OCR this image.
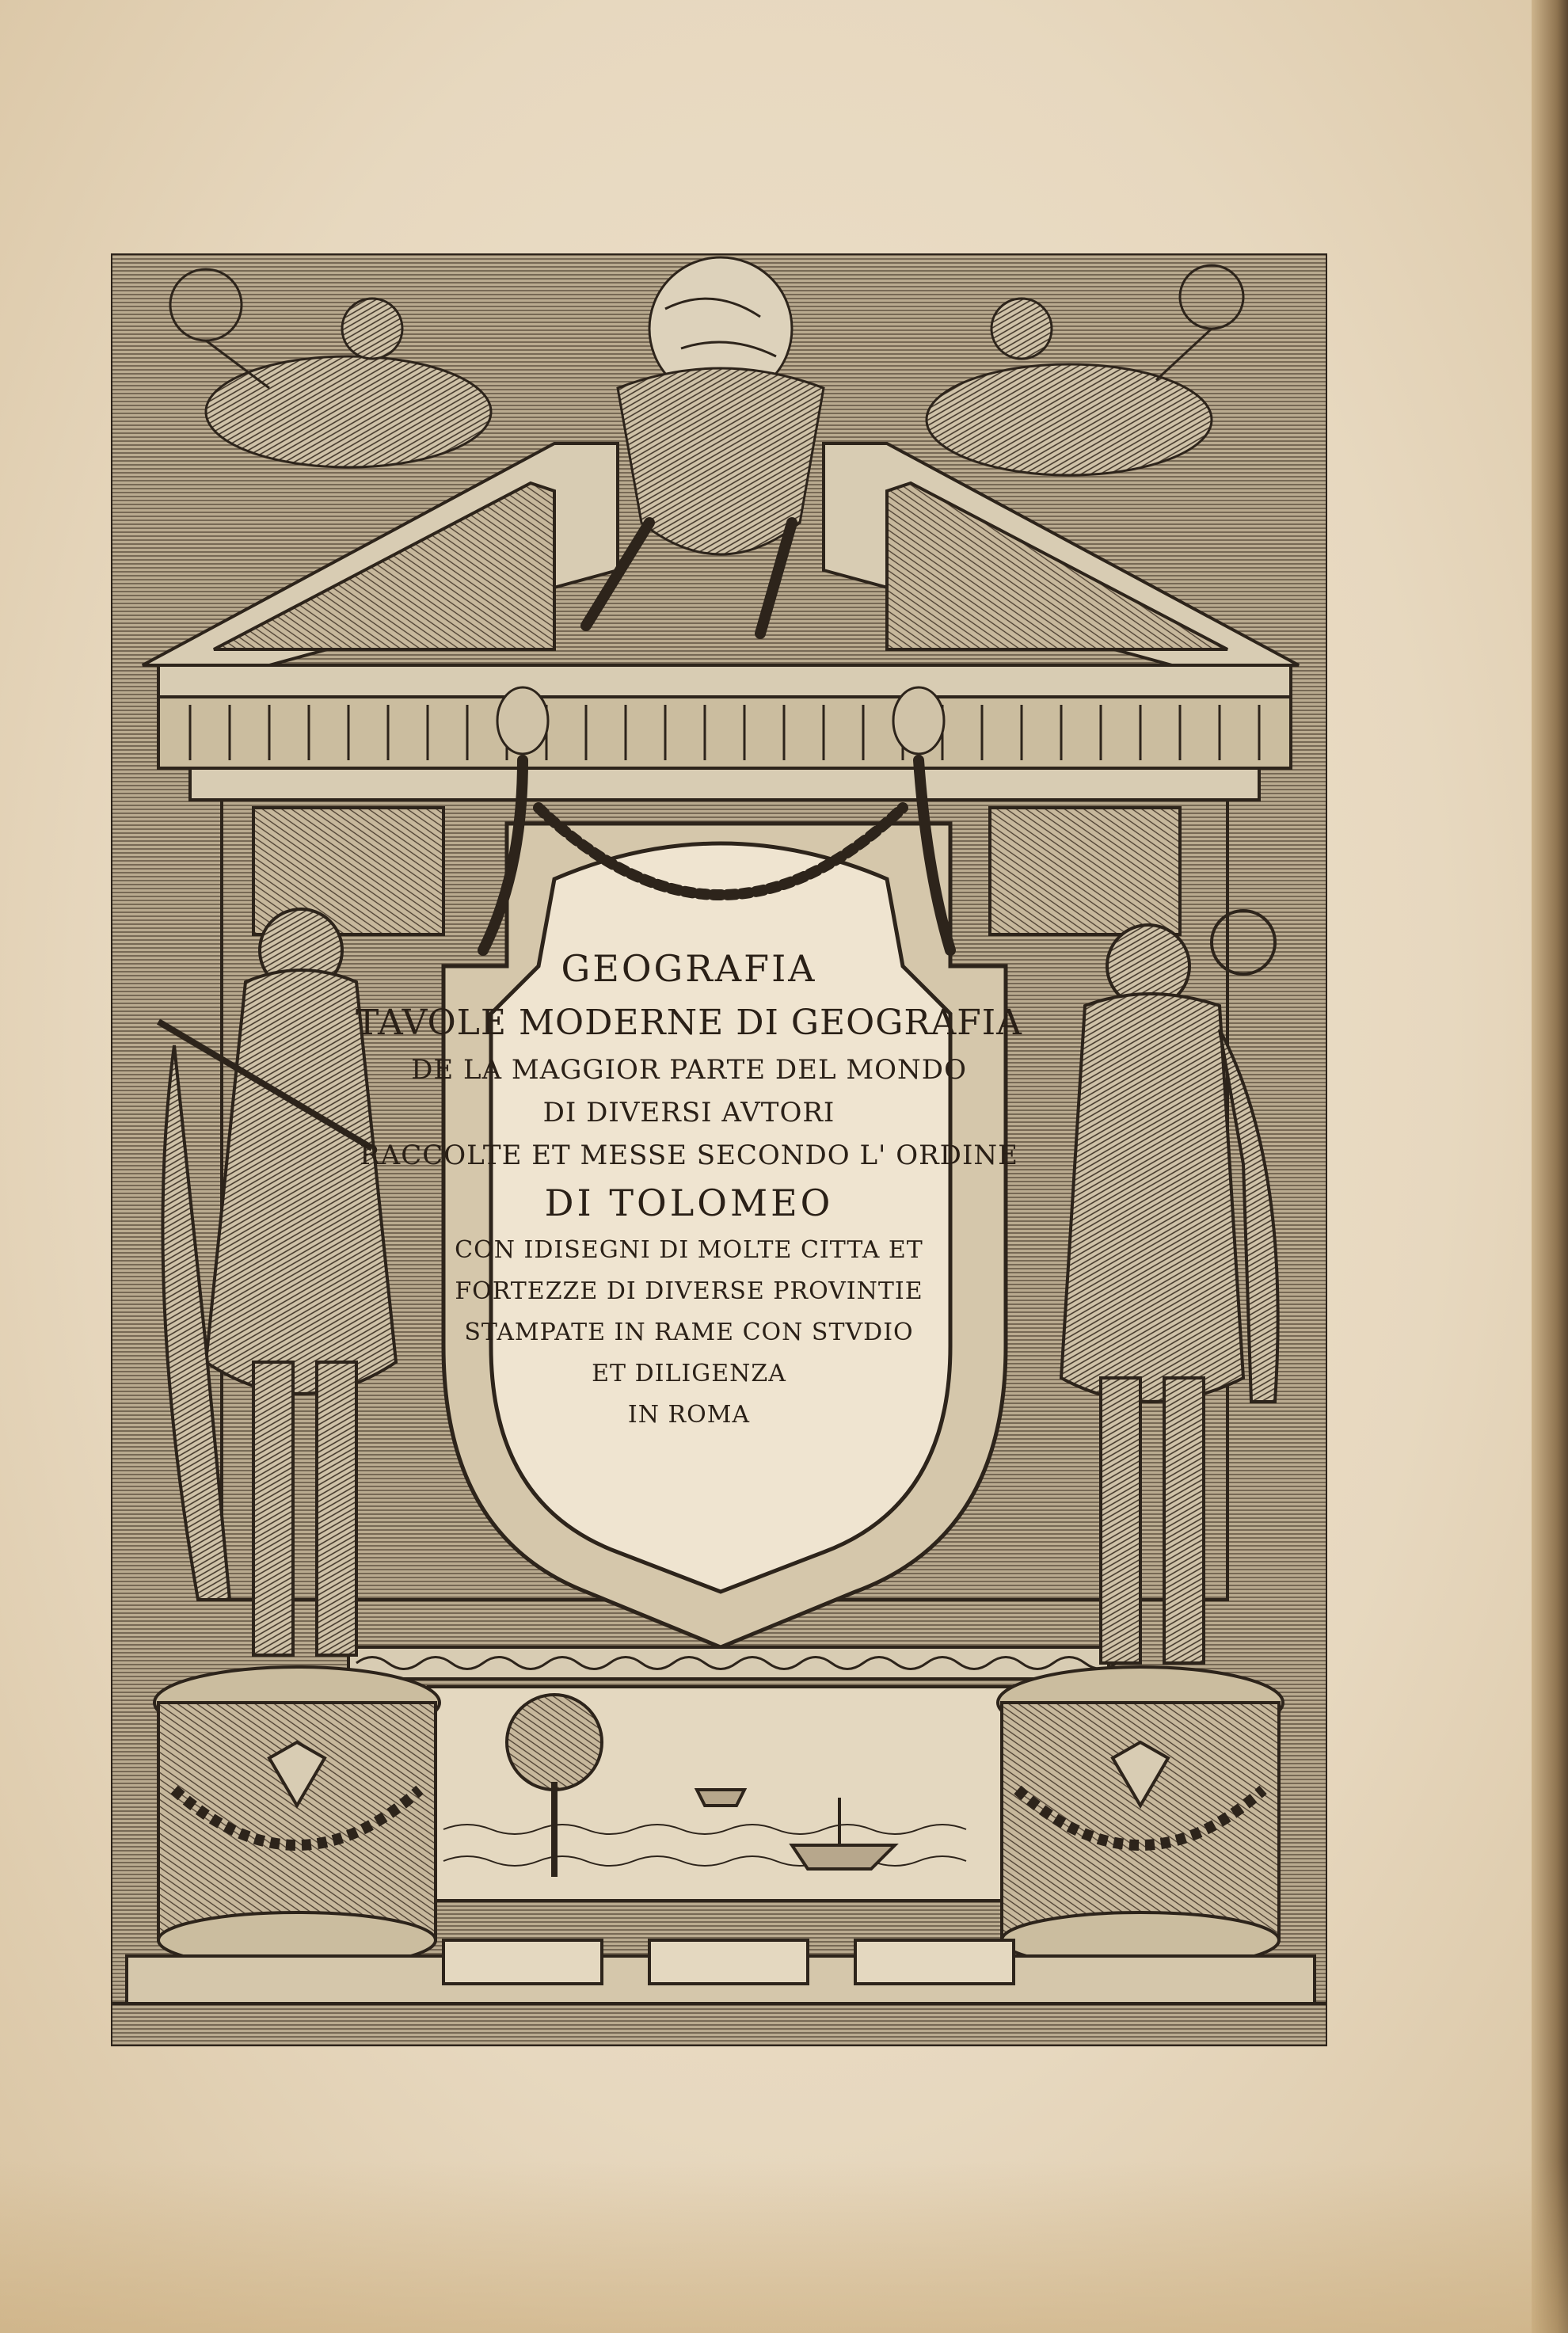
GEOGRAFIA
TAVOLE MODERNE DI GEOGRAFIA
DE LA MAGGIOR PARTE DEL MONDO
DI DIVERSI AVTORI
RACCOLTE ET MESSE SECONDO L' ORDINE
DI TOLOMEO
CON IDISEGNI DI MOLTE CITTA ET
FORTEZZE DI DIVERSE PROVINTIE
STAMPATE IN RAME CON STVDIO
ET DILIGENZA
IN ROMA
